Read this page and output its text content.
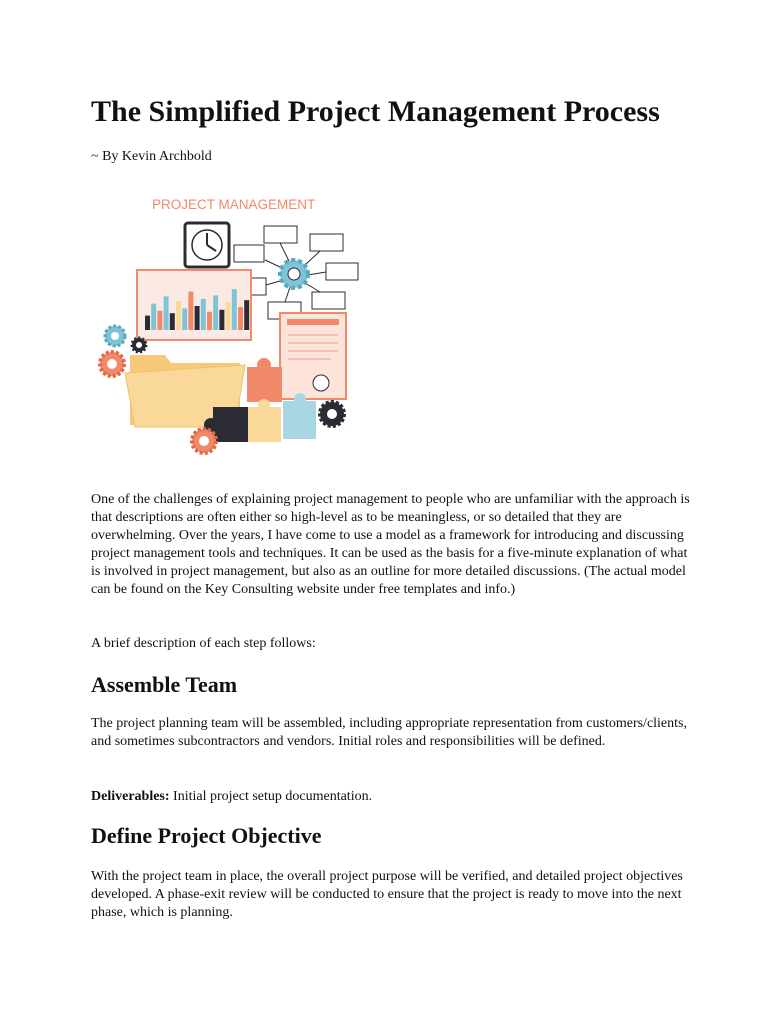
The Simplified Project Management Process

~ By Kevin Archbold

PROJECT MANAGEMENT

One of the challenges of explaining project management to people who are unfamiliar with the approach is that descriptions are often either so high-level as to be meaningless, or so detailed that they are overwhelming. Over the years, I have come to use a model as a framework for introducing and discussing project management tools and techniques. It can be used as the basis for a five-minute explanation of what is involved in project management, but also as an outline for more detailed discussions. (The actual model can be found on the Key Consulting website under free templates and info.)

A brief description of each step follows:

Assemble Team

The project planning team will be assembled, including appropriate representation from customers/clients, and sometimes subcontractors and vendors. Initial roles and responsibilities will be defined.

Deliverables: Initial project setup documentation.

Define Project Objective

With the project team in place, the overall project purpose will be verified, and detailed project objectives developed. A phase-exit review will be conducted to ensure that the project is ready to move into the next phase, which is planning.
